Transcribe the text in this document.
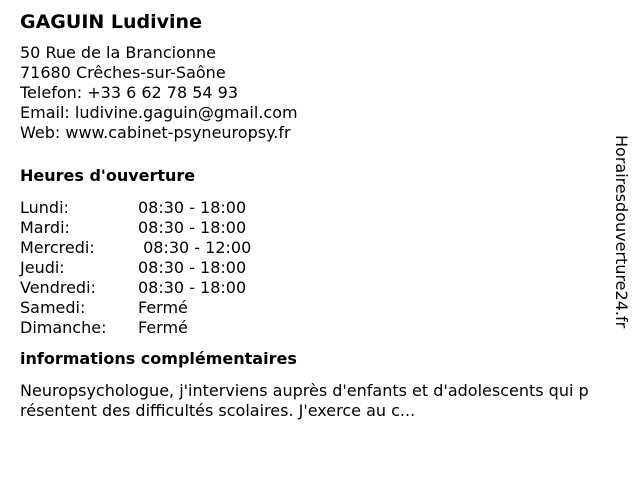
GAGUIN Ludivine
50 Rue de la Brancionne
71680 Crêches-sur-Saône
Telefon: +33 6 62 78 54 93
Email: ludivine.gaguin@gmail.com
Web: www.cabinet-psyneuropsy.fr
Heures d'ouverture
Lundi:	08:30 - 18:00
Mardi:	08:30 - 18:00
Mercredi:	08:30 - 12:00
Jeudi:	08:30 - 18:00
Vendredi:	08:30 - 18:00
Samedi:	Fermé
Dimanche:	Fermé
informations complémentaires
Neuropsychologue, j'interviens auprès d'enfants et d'adolescents qui présentent des difficultés scolaires. J'exerce au c...
Horairesdouverture24.fr
